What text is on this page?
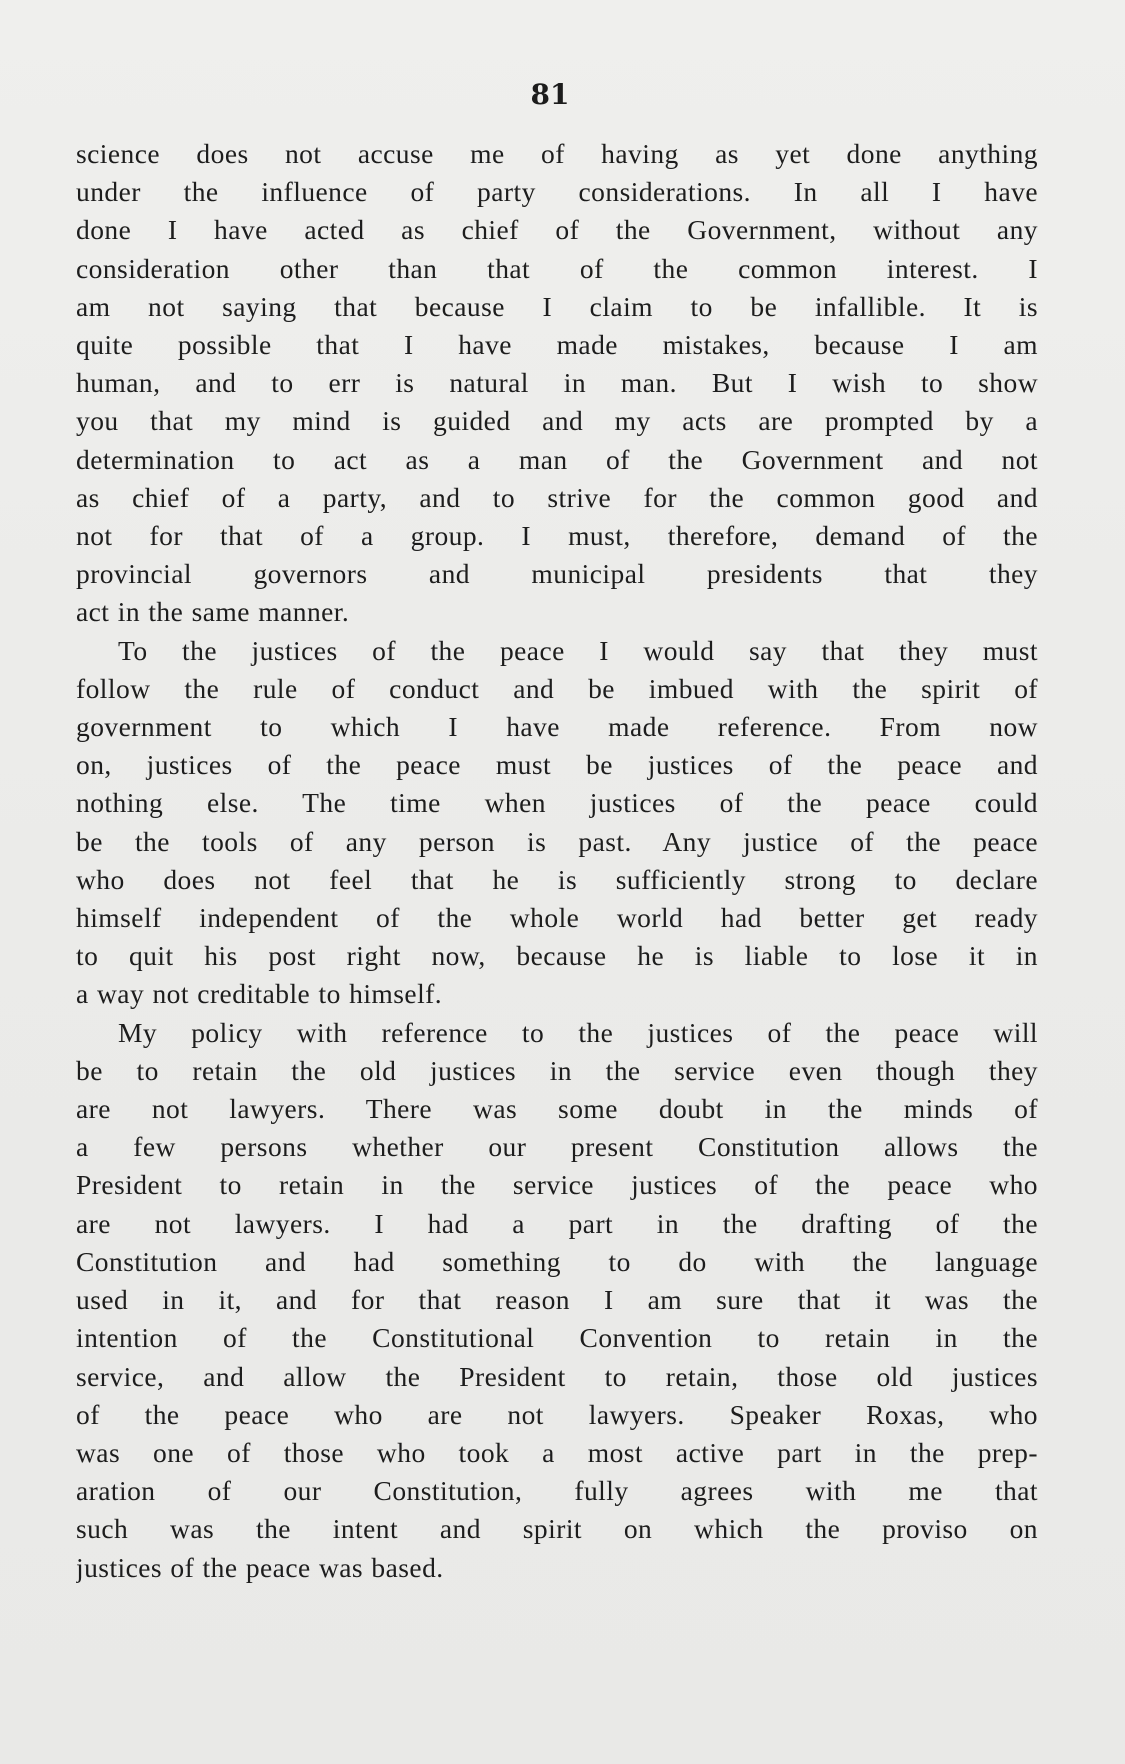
81

science does not accuse me of having as yet done anything
under the influence of party considerations. In all I have
done I have acted as chief of the Government, without any
consideration other than that of the common interest. I
am not saying that because I claim to be infallible. It is
quite possible that I have made mistakes, because I am
human, and to err is natural in man. But I wish to show
you that my mind is guided and my acts are prompted by a
determination to act as a man of the Government and not
as chief of a party, and to strive for the common good and
not for that of a group. I must, therefore, demand of the
provincial governors and municipal presidents that they
act in the same manner.

To the justices of the peace I would say that they must
follow the rule of conduct and be imbued with the spirit of
government to which I have made reference. From now
on, justices of the peace must be justices of the peace and
nothing else. The time when justices of the peace could
be the tools of any person is past. Any justice of the peace
who does not feel that he is sufficiently strong to declare
himself independent of the whole world had better get ready
to quit his post right now, because he is liable to lose it in
a way not creditable to himself.

My policy with reference to the justices of the peace will
be to retain the old justices in the service even though they
are not lawyers. There was some doubt in the minds of
a few persons whether our present Constitution allows the
President to retain in the service justices of the peace who
are not lawyers. I had a part in the drafting of the
Constitution and had something to do with the language
used in it, and for that reason I am sure that it was the
intention of the Constitutional Convention to retain in the
service, and allow the President to retain, those old justices
of the peace who are not lawyers. Speaker Roxas, who
was one of those who took a most active part in the prep-
aration of our Constitution, fully agrees with me that
such was the intent and spirit on which the proviso on
justices of the peace was based.
